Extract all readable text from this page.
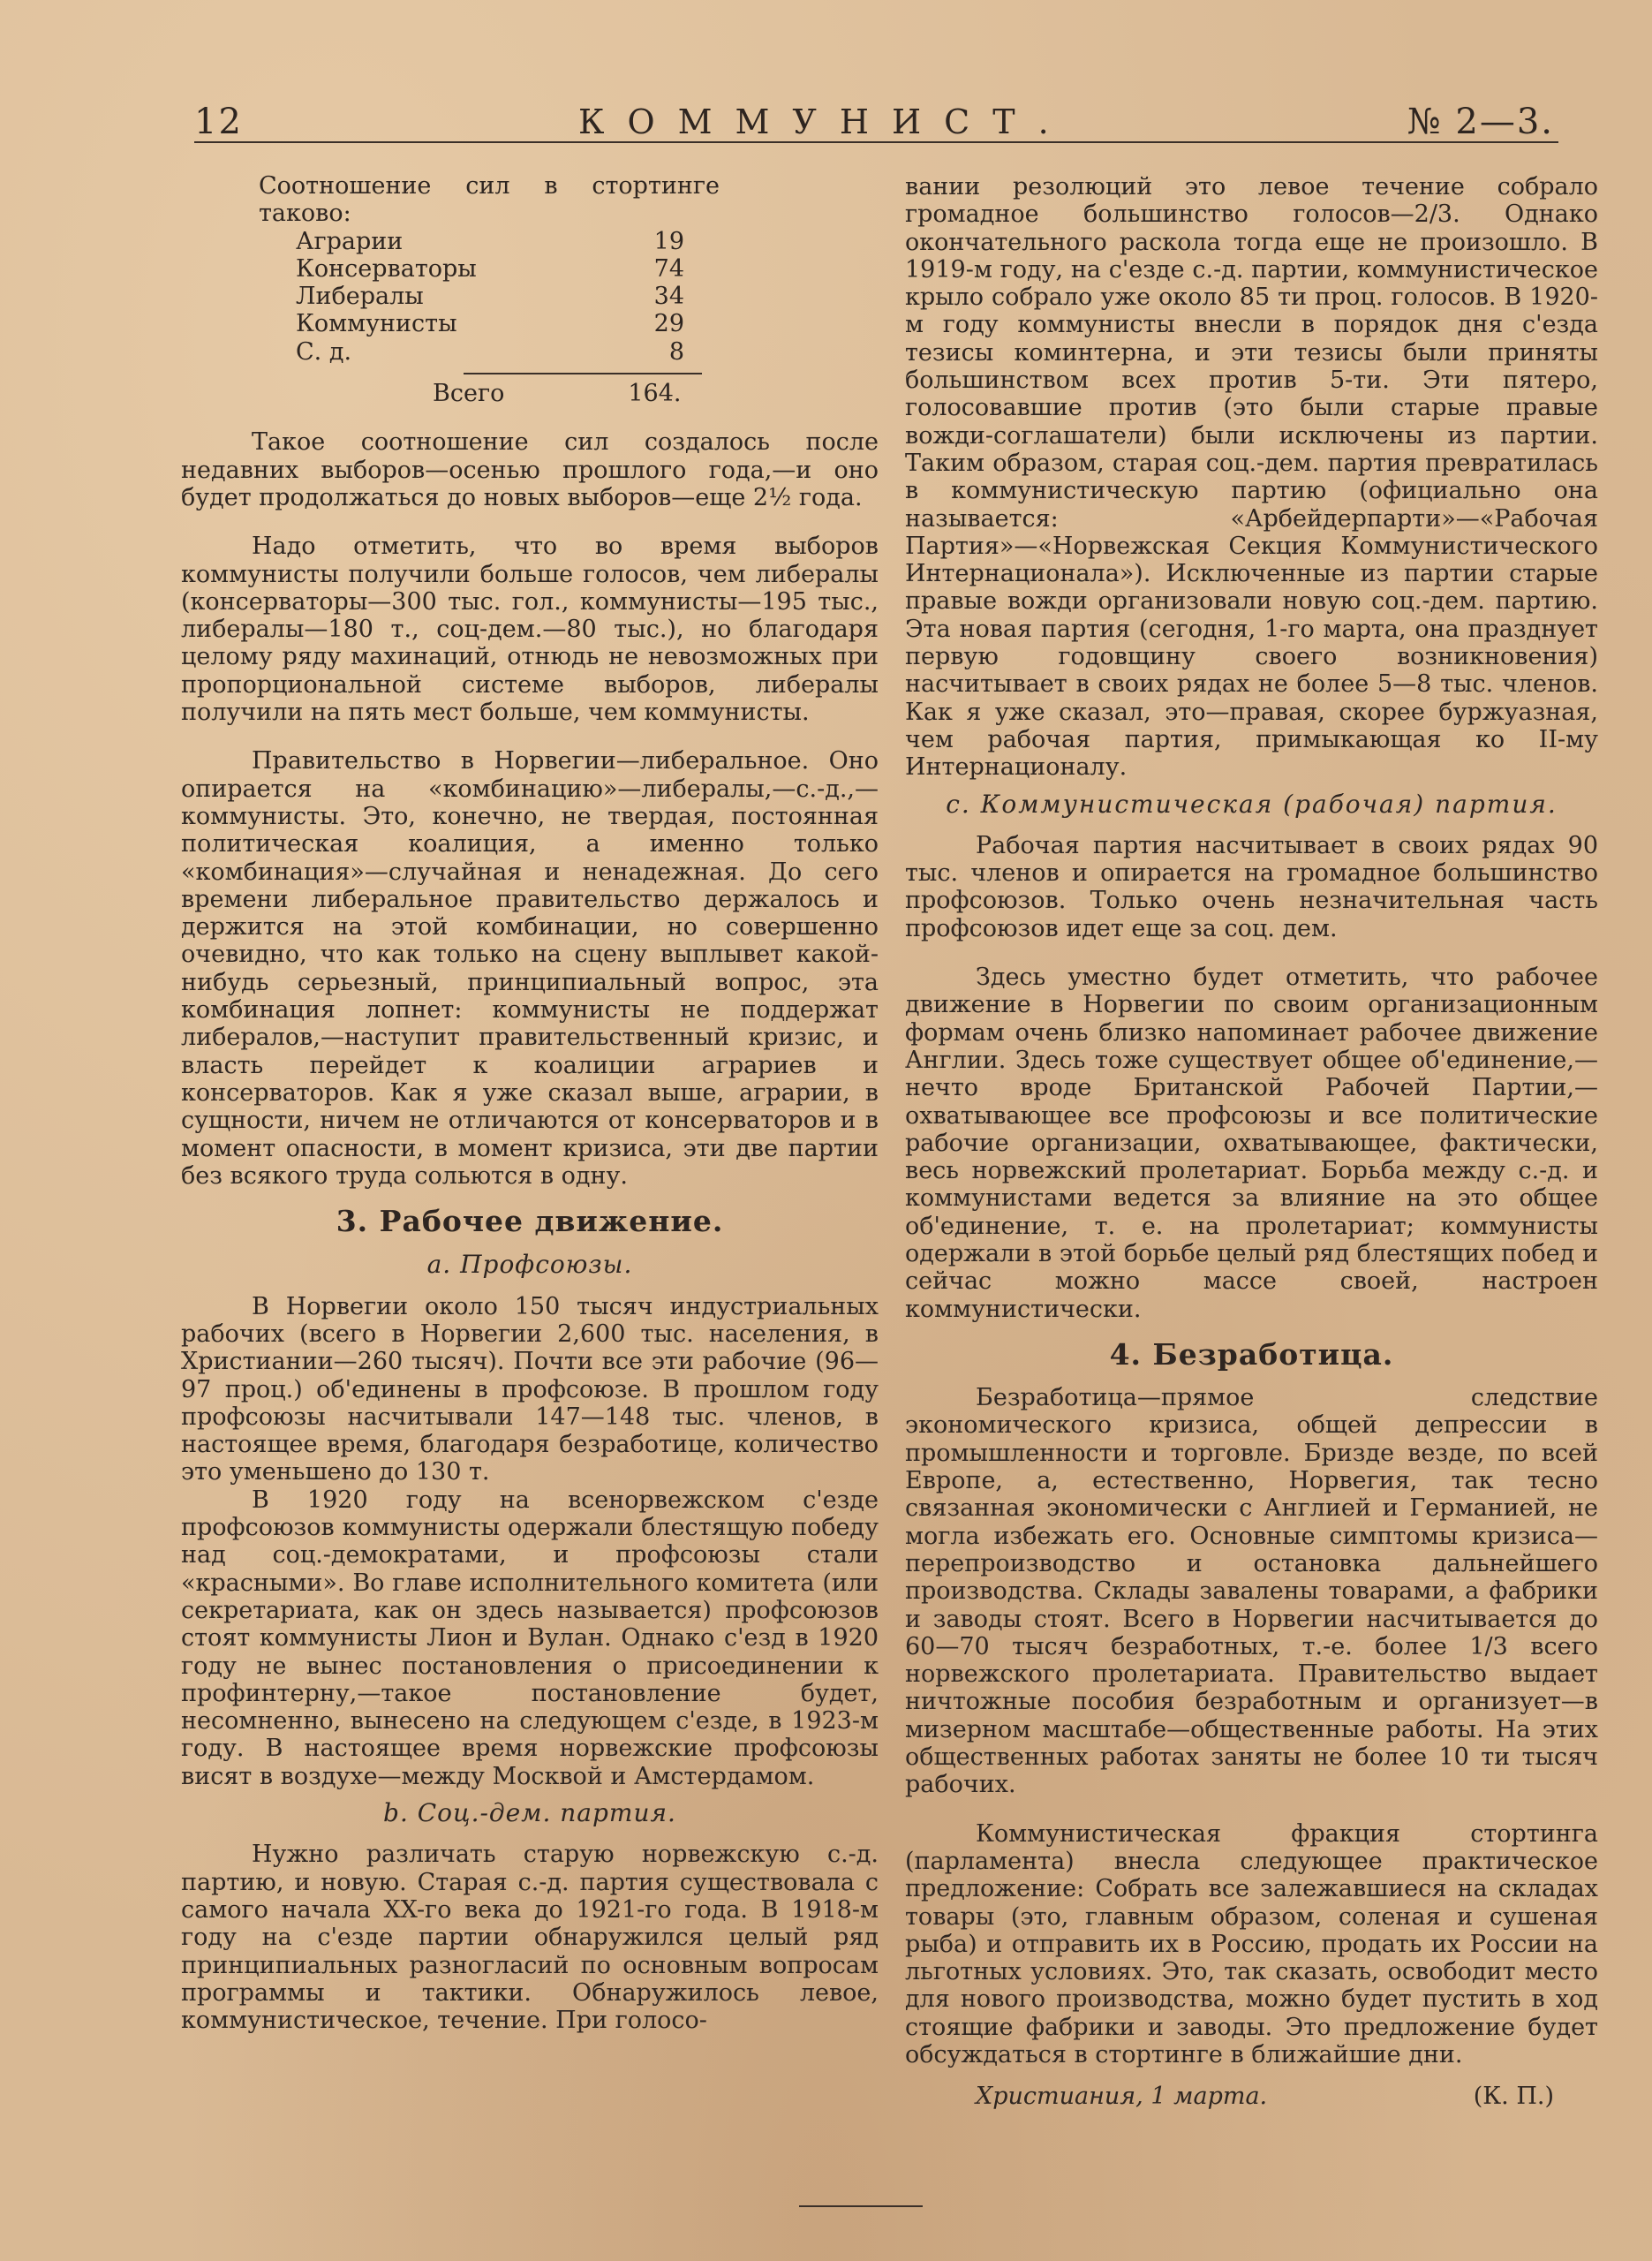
12	КОММУНИСТ.	№ 2—3.

Соотношение сил в стортинге таково:

Аграрии	19
Консерваторы	74
Либералы	34
Коммунисты	29
С. д.	8
Всего	164.

Такое соотношение сил создалось после недавних выборов—осенью прошлого года,—и оно будет продолжаться до новых выборов—еще 2½ года.

Надо отметить, что во время выборов коммунисты получили больше голосов, чем либералы (консерваторы—300 тыс. гол., коммунисты—195 тыс., либералы—180 т., соц-дем.—80 тыс.), но благодаря целому ряду махинаций, отнюдь не невозможных при пропорциональной системе выборов, либералы получили на пять мест больше, чем коммунисты.

Правительство в Норвегии—либеральное. Оно опирается на «комбинацию»—либералы,—с.-д.,—коммунисты. Это, конечно, не твердая, постоянная политическая коалиция, а именно только «комбинация»—случайная и ненадежная. До сего времени либеральное правительство держалось и держится на этой комбинации, но совершенно очевидно, что как только на сцену выплывет какой-нибудь серьезный, принципиальный вопрос, эта комбинация лопнет: коммунисты не поддержат либералов,—наступит правительственный кризис, и власть перейдет к коалиции аграриев и консерваторов. Как я уже сказал выше, аграрии, в сущности, ничем не отличаются от консерваторов и в момент опасности, в момент кризиса, эти две партии без всякого труда сольются в одну.

3. Рабочее движение.
a. Профсоюзы.

В Норвегии около 150 тысяч индустриальных рабочих (всего в Норвегии 2,600 тыс. населения, в Христиании—260 тысяч). Почти все эти рабочие (96—97 проц.) об'единены в профсоюзе. В прошлом году профсоюзы насчитывали 147—148 тыс. членов, в настоящее время, благодаря безработице, количество это уменьшено до 130 т.

В 1920 году на всенорвежском с'езде профсоюзов коммунисты одержали блестящую победу над соц.-демократами, и профсоюзы стали «красными». Во главе исполнительного комитета (или секретариата, как он здесь называется) профсоюзов стоят коммунисты Лион и Вулан. Однако с'езд в 1920 году не вынес постановления о присоединении к профинтерну,—такое постановление будет, несомненно, вынесено на следующем с'езде, в 1923-м году. В настоящее время норвежские профсоюзы висят в воздухе—между Москвой и Амстердамом.

b. Соц.-дем. партия.

Нужно различать старую норвежскую с.-д. партию, и новую. Старая с.-д. партия существовала с самого начала XX-го века до 1921-го года. В 1918-м году на с'езде партии обнаружился целый ряд принципиальных разногласий по основным вопросам программы и тактики. Обнаружилось левое, коммунистическое, течение. При голосо-

вании резолюций это левое течение собрало громадное большинство голосов—2/3. Однако окончательного раскола тогда еще не произошло. В 1919-м году, на с'езде с.-д. партии, коммунистическое крыло собрало уже около 85 ти проц. голосов. В 1920-м году коммунисты внесли в порядок дня с'езда тезисы коминтерна, и эти тезисы были приняты большинством всех против 5-ти. Эти пятеро, голосовавшие против (это были старые правые вожди-соглашатели) были исключены из партии. Таким образом, старая соц.-дем. партия превратилась в коммунистическую партию (официально она называется: «Арбейдерпарти»—«Рабочая Партия»—«Норвежская Секция Коммунистического Интернационала»). Исключенные из партии старые правые вожди организовали новую соц.-дем. партию. Эта новая партия (сегодня, 1-го марта, она празднует первую годовщину своего возникновения) насчитывает в своих рядах не более 5—8 тыс. членов. Как я уже сказал, это—правая, скорее буржуазная, чем рабочая партия, примыкающая ко II-му Интернационалу.

c. Коммунистическая (рабочая) партия.

Рабочая партия насчитывает в своих рядах 90 тыс. членов и опирается на громадное большинство профсоюзов. Только очень незначительная часть профсоюзов идет еще за соц. дем.

Здесь уместно будет отметить, что рабочее движение в Норвегии по своим организационным формам очень близко напоминает рабочее движение Англии. Здесь тоже существует общее об'единение,—нечто вроде Британской Рабочей Партии,—охватывающее все профсоюзы и все политические рабочие организации, охватывающее, фактически, весь норвежский пролетариат. Борьба между с.-д. и коммунистами ведется за влияние на это общее об'единение, т. е. на пролетариат; коммунисты одержали в этой борьбе целый ряд блестящих побед и сейчас можно массе своей, настроен коммунистически.

4. Безработица.

Безработица—прямое следствие экономического кризиса, общей депрессии в промышленности и торговле. Бризде везде, по всей Европе, а, естественно, Норвегия, так тесно связанная экономически с Англией и Германией, не могла избежать его. Основные симптомы кризиса—перепроизводство и остановка дальнейшего производства. Склады завалены товарами, а фабрики и заводы стоят. Всего в Норвегии насчитывается до 60—70 тысяч безработных, т.-е. более 1/3 всего норвежского пролетариата. Правительство выдает ничтожные пособия безработным и организует—в мизерном масштабе—общественные работы. На этих общественных работах заняты не более 10 ти тысяч рабочих.

Коммунистическая фракция стортинга (парламента) внесла следующее практическое предложение: Собрать все залежавшиеся на складах товары (это, главным образом, соленая и сушеная рыба) и отправить их в Россию, продать их России на льготных условиях. Это, так сказать, освободит место для нового производства, можно будет пустить в ход стоящие фабрики и заводы. Это предложение будет обсуждаться в стортинге в ближайшие дни.

Христиания, 1 марта.	(К. П.)
